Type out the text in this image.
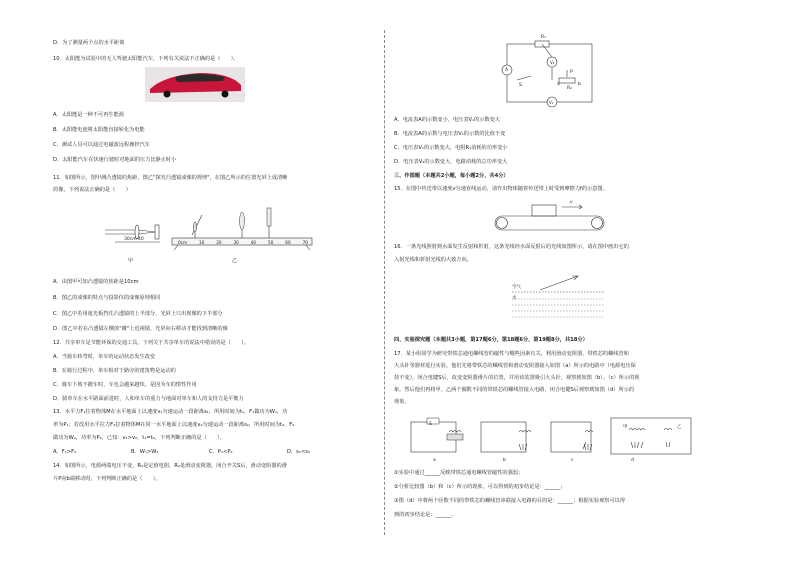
D．为了测量两个点的水平距离
10．太阳能为试验中的无人驾驶太阳能汽车，下列有关说法不正确的是（　　）。
A．太阳能是一种不可再生能源
B．太阳能电池将太阳能直接转化为电能
C．测试人员可以通过电磁波远程操控汽车
D．太阳能汽车在快速行驶时对地面的压力比静止时小
11．如图所示，图甲测凸透镜的焦距，图乙"探究凸透镜成像的规律"，在图乙所示的位置光屏上成清晰
的像，下列说法正确的是（　　）
30cm 40
甲
0cm	10	20	30	40	50	60	70
乙
A．由图甲可知凸透镜的焦距是10cm
B．图乙的成像的特点与投影仪的成像原理相同
C．图乙中若用遮光板挡住凸透镜的上半部分，光屏上只出现像的下半部分
D．图乙中若在凸透镜左侧放"戴"上近视镜，光屏向右移动才能找到清晰的像
12．共享单车是节能环保的交通工具，下列关于共享单车的说法中错误的是（　　）。
A．当骑车转弯时，单车的运动状态发生改变
B．在骑行过程中，单车相对于路旁的建筑物是运动的
C．骑车下坡不蹬车时，车也会越来越快，是因为车的惯性作用
D．骑单车在水平路面前进时，人和单车的重力与地面对单车和人的支持力是平衡力
13．水平力F₁拉着物体M在水平地面上以速度v₁匀速运动一段距离s₁，所用时间为t₁，F₁做功为W₁，功
率为P₁；若改用水平拉力F₂拉着物体M在同一水平地面上以速度v₂匀速运动一段距离s₂，所用时间为t₂，F₂
做功为W₂，功率为P₂，已知：v₁>v₂，t₁=t₂，下列判断正确的是（　　）。
A．F₁>F₂	B．W₁>W₂	C．P₁<P₂	D．s₁<s₂
14．如图所示，电源两端电压不变，R₁是定值电阻，R₂是滑动变阻器，闭合开关S后，滑动变阻器的滑
片P向b端移动时，下列判断正确的是（　　）。
R₁
A
V₂
S
P
R₂
a	b
V₁
A．电流表A的示数变小，电压表V₁的示数变大
B．电流表A的示数与电压表V₁的示数的比值不变
C．电压表V₁的示数变大，电阻R₁消耗的功率变小
D．电压表V₂的示数变大，电路消耗的总功率变大
三、作图题（本题共2小题，每小题2分，共4分）
15．在图中传送带以速度v匀速直线运动，请作出物体随着传送带上时受到摩擦力f的示意图。
v
16．一条光线照射到水面发生反射和折射，这条光线经水面反射后的光线如图所示，请在图中画出它的
入射光线和折射光线的大致方向。
空气
水
四、实验探究题（本题共3小题，第17题6分，第18题6分，第19题8分，共18分）
17．某小组同学为研究带铁芯通电螺线管的磁性与哪些因素有关，利用滑动变阻器、带铁芯的螺线管和
大头针等器材进行实验。他们先将带铁芯的螺线管和滑动变阻器接入如图（a）所示的电路中（电源电压保
持不变），闭合电键S后，改变变阻器滑片的位置，并用该装置吸引大头针，观察到如图（b）、（c）所示的现
象。然后他们再将甲、乙两个圈数不同的带铁芯的螺线管接入电路，闭合电键S后观察到如图（d）所示的
现象。
S
a	b	c	d
甲	乙
①实验中通过______反映带铁芯通电螺线管磁性的强弱；
②分析比较图（b）和（c）所示的现象，可以得到的初步结论是：______；
③图（d）中将两个匝数不同的带铁芯的螺线管串联接入电路的目的是：______；根据实验观察可以得
到的初步结论是：______。
